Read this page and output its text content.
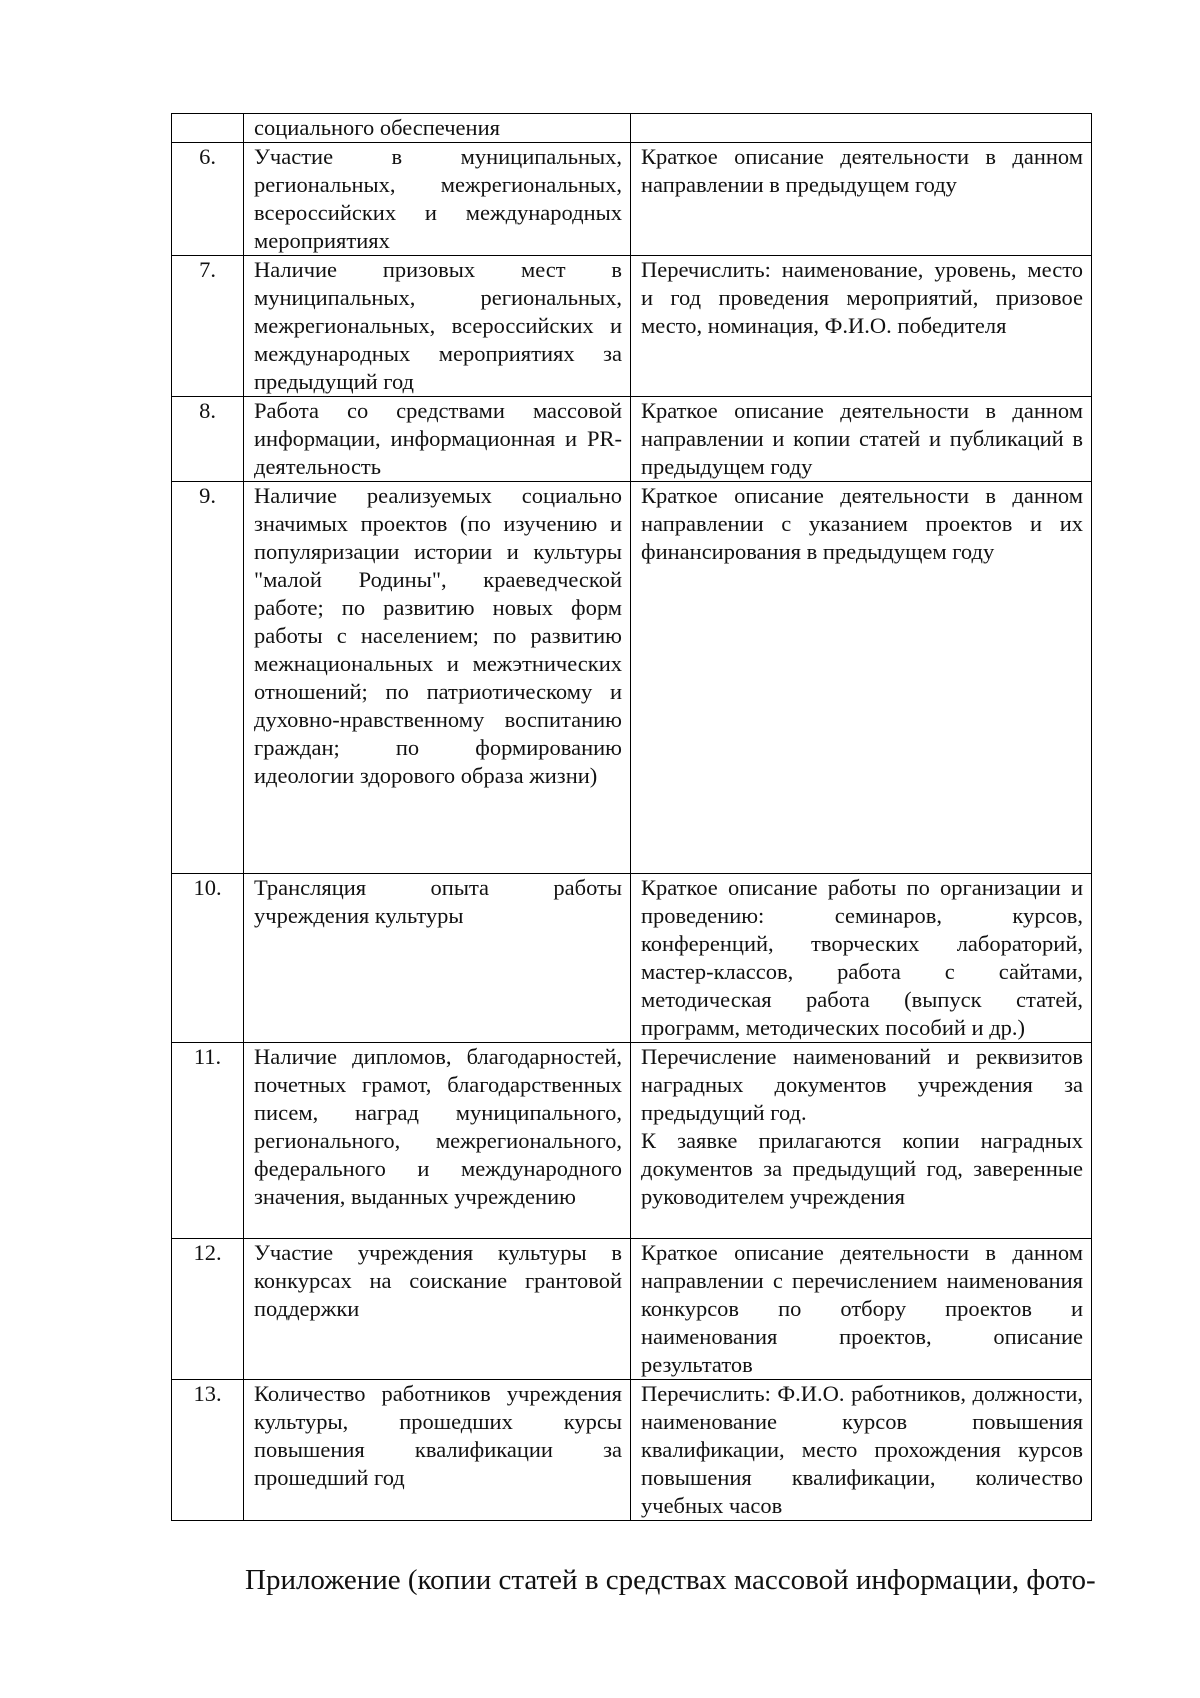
	социального обеспечения	
6.	Участие в муниципальных, региональных, межрегиональных, всероссийских и международных мероприятиях	Краткое описание деятельности в данном направлении в предыдущем году
7.	Наличие призовых мест в муниципальных, региональных, межрегиональных, всероссийских и международных мероприятиях за предыдущий год	Перечислить: наименование, уровень, место и год проведения мероприятий, призовое место, номинация, Ф.И.О. победителя
8.	Работа со средствами массовой информации, информационная и PR-деятельность	Краткое описание деятельности в данном направлении и копии статей и публикаций в предыдущем году
9.	Наличие реализуемых социально значимых проектов (по изучению и популяризации истории и культуры "малой Родины", краеведческой работе; по развитию новых форм работы с населением; по развитию межнациональных и межэтнических отношений; по патриотическому и духовно-нравственному воспитанию граждан; по формированию идеологии здорового образа жизни)	Краткое описание деятельности в данном направлении с указанием проектов и их финансирования в предыдущем году
10.	Трансляция опыта работы учреждения культуры	Краткое описание работы по организации и проведению: семинаров, курсов, конференций, творческих лабораторий, мастер-классов, работа с сайтами, методическая работа (выпуск статей, программ, методических пособий и др.)
11.	Наличие дипломов, благодарностей, почетных грамот, благодарственных писем, наград муниципального, регионального, межрегионального, федерального и международного значения, выданных учреждению	Перечисление наименований и реквизитов наградных документов учреждения за предыдущий год.
К заявке прилагаются копии наградных документов за предыдущий год, заверенные руководителем учреждения

12.	Участие учреждения культуры в конкурсах на соискание грантовой поддержки	Краткое описание деятельности в данном направлении с перечислением наименования конкурсов по отбору проектов и наименования проектов, описание результатов
13.	Количество работников учреждения культуры, прошедших курсы повышения квалификации за прошедший год	Перечислить: Ф.И.О. работников, должности, наименование курсов повышения квалификации, место прохождения курсов повышения квалификации, количество учебных часов
Приложение (копии статей в средствах массовой информации, фото-
